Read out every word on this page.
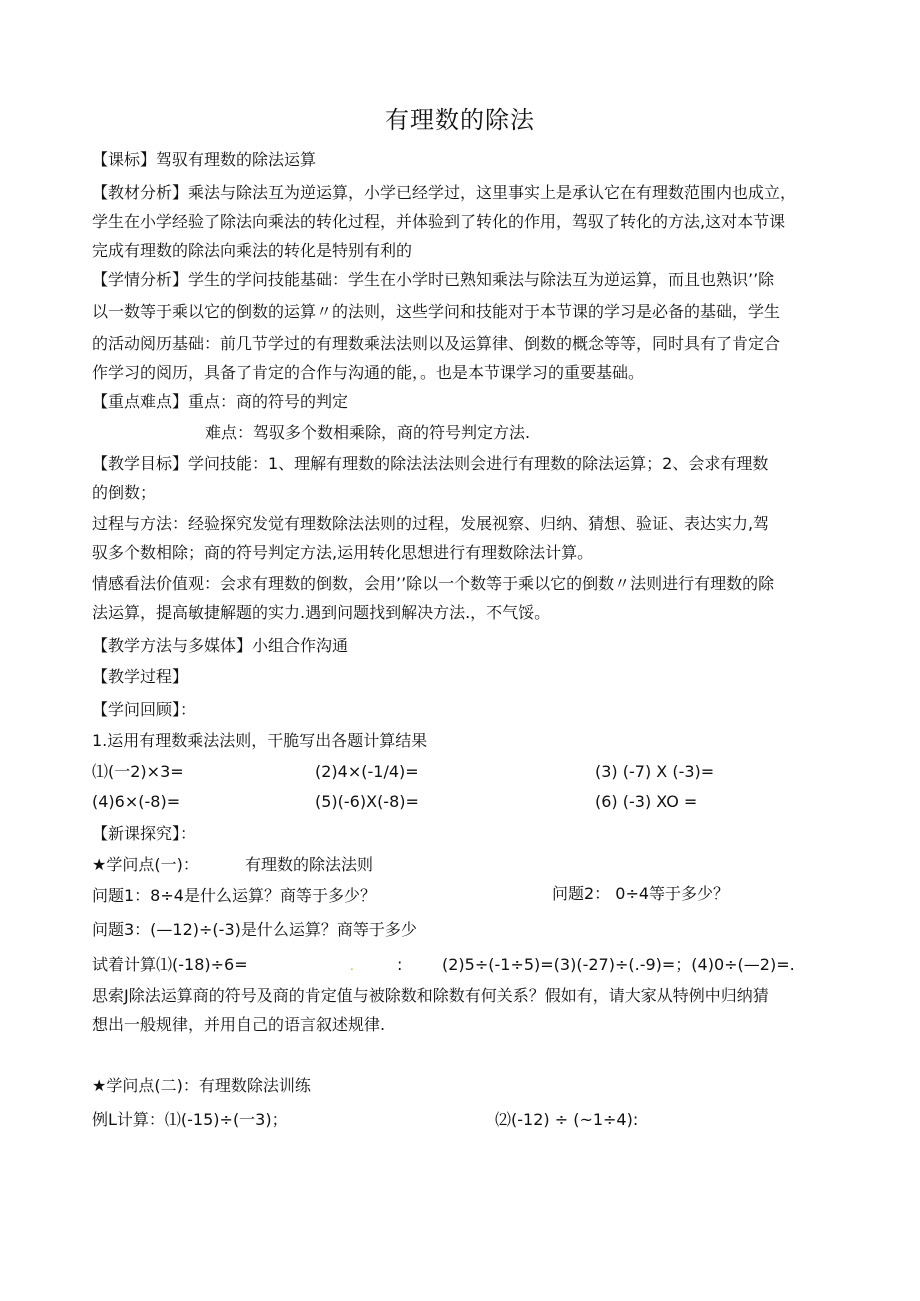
有理数的除法
【课标】驾驭有理数的除法运算
【教材分析】乘法与除法互为逆运算，小学已经学过，这里事实上是承认它在有理数范围内也成立，
学生在小学经验了除法向乘法的转化过程，并体验到了转化的作用，驾驭了转化的方法,这对本节课
完成有理数的除法向乘法的转化是特别有利的
【学情分析】学生的学问技能基础：学生在小学时已熟知乘法与除法互为逆运算，而且也熟识’’除
以一数等于乘以它的倒数的运算〃的法则，这些学问和技能对于本节课的学习是必备的基础，学生
的活动阅历基础：前几节学过的有理数乘法法则以及运算律、倒数的概念等等，同时具有了肯定合
作学习的阅历，具备了肯定的合作与沟通的能，。也是本节课学习的重要基础。
【重点难点】重点：商的符号的判定
难点：驾驭多个数相乘除，商的符号判定方法.
【教学目标】学问技能：1、理解有理数的除法法法则会进行有理数的除法运算；2、会求有理数
的倒数；
过程与方法：经验探究发觉有理数除法法则的过程，发展视察、归纳、猜想、验证、表达实力,驾
驭多个数相除；商的符号判定方法,运用转化思想进行有理数除法计算。
情感看法价值观：会求有理数的倒数，会用’’除以一个数等于乘以它的倒数〃法则进行有理数的除
法运算，提高敏捷解题的实力.遇到问题找到解决方法.，不气馁。
【教学方法与多媒体】小组合作沟通
【教学过程】
【学问回顾】：
1.运用有理数乘法法则，干脆写出各题计算结果
⑴(一2)×3=	(2)4×(-1/4)=	(3) (-7) X (-3)=
(4)6×(-8)=	(5)(-6)X(-8)=	(6) (-3) XO =
【新课探究】：
★学问点(一)：	有理数的除法法则
问题1：8÷4是什么运算？商等于多少？	问题2： 0÷4等于多少？
问题3：(—12)÷(-3)是什么运算？商等于多少
试着计算⑴(-18)÷6=	.	: (2)5÷(-1÷5)=(3)(-27)÷(.-9)=；(4)0÷(—2)=.
思索J除法运算商的符号及商的肯定值与被除数和除数有何关系？假如有，请大家从特例中归纳猜
想出一般规律，并用自己的语言叙述规律.
★学问点(二)：有理数除法训练
例L计算：⑴(-15)÷(一3)；	⑵(-12) ÷ (~1÷4):
